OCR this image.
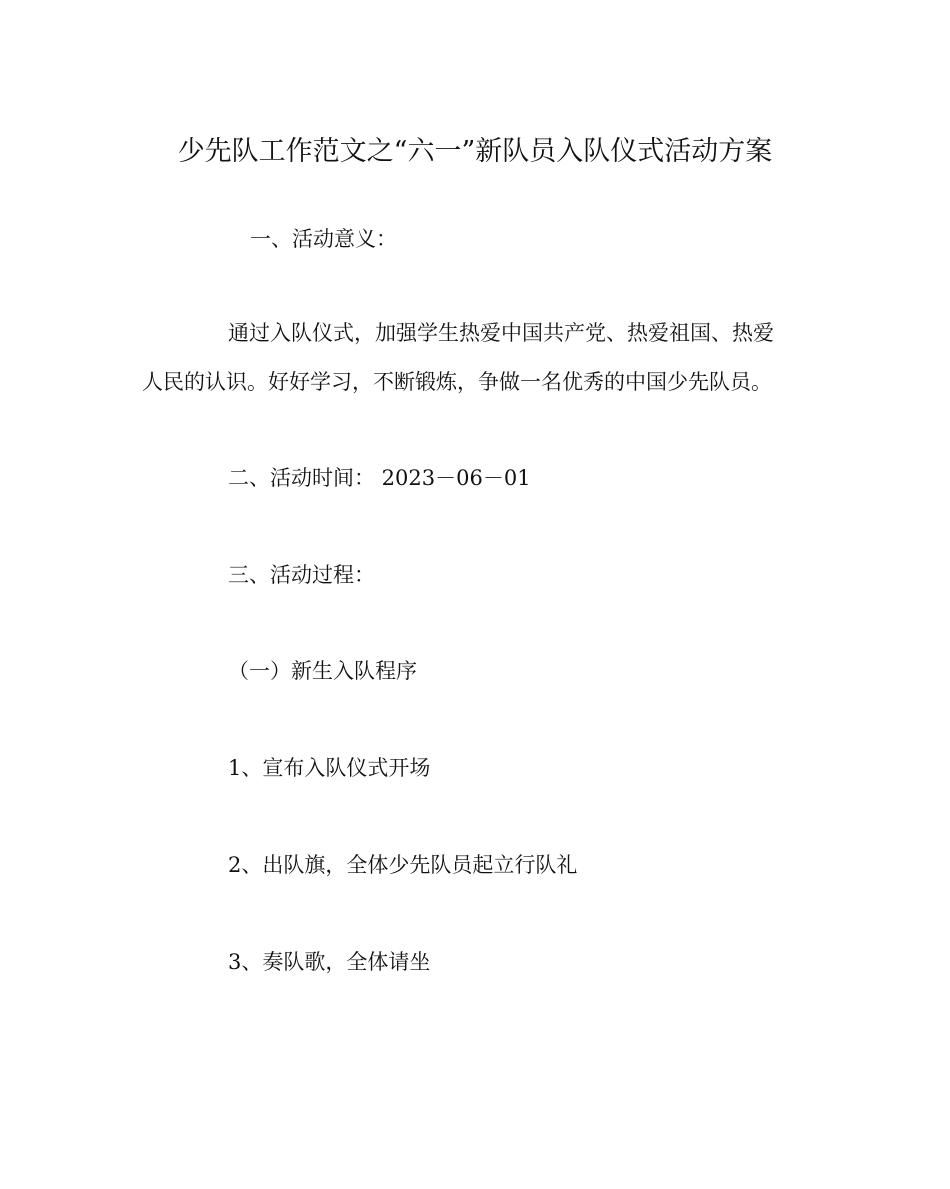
少先队工作范文之“六一”新队员入队仪式活动方案
一、活动意义：
通过入队仪式，加强学生热爱中国共产党、热爱祖国、热爱
人民的认识。好好学习，不断锻炼，争做一名优秀的中国少先队员。
二、活动时间： 2023－06－01
三、活动过程：
（一）新生入队程序
1、宣布入队仪式开场
2、出队旗，全体少先队员起立行队礼
3、奏队歌，全体请坐
